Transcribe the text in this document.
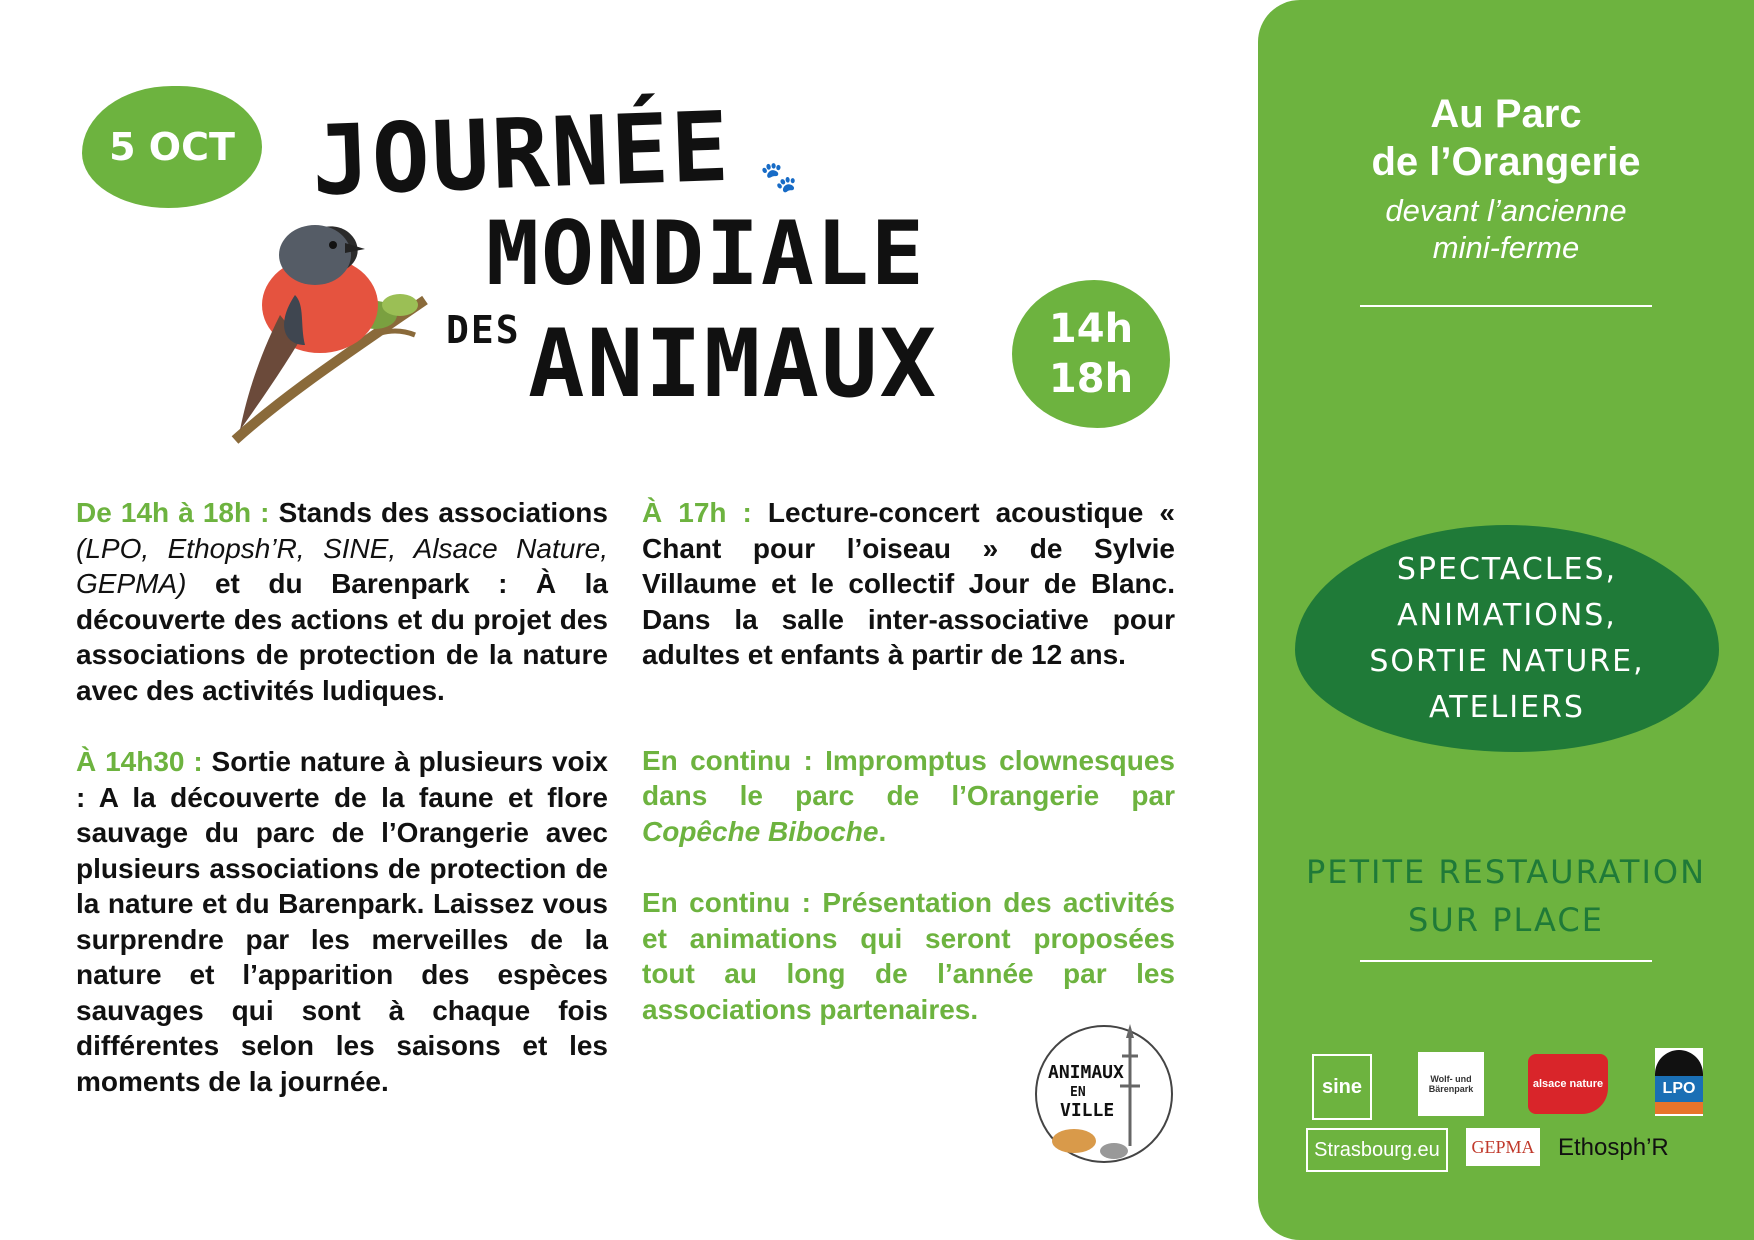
5 OCT JOURNÉE 🐾
MONDIALE
DES ANIMAUX	14h
18h

De 14h à 18h : Stands des associations (LPO, Ethopsh’R, SINE, Alsace Nature, GEPMA) et du Barenpark : À la découverte des actions et du projet des associations de protection de la nature avec des activités ludiques.

À 14h30 : Sortie nature à plusieurs voix : A la découverte de la faune et flore sauvage du parc de l’Orangerie avec plusieurs associations de protection de la nature et du Barenpark. Laissez vous surprendre par les merveilles de la nature et l’apparition des espèces sauvages qui sont à chaque fois différentes selon les saisons et les moments de la journée.

À 17h : Lecture-concert acoustique « Chant pour l’oiseau » de Sylvie Villaume et le collectif Jour de Blanc. Dans la salle inter-associative pour adultes et enfants à partir de 12 ans.

En continu : Impromptus clownesques dans le parc de l’Orangerie par Copêche Biboche.

En continu : Présentation des activités et animations qui seront proposées tout au long de l’année par les associations partenaires.

ANIMAUX
EN
VILLE
Au Parc
de l’Orangerie
devant l’ancienne
mini-ferme
SPECTACLES,
ANIMATIONS,
SORTIE NATURE,
ATELIERS
PETITE RESTAURATION
SUR PLACE
sine	Wolf- und Bärenpark	alsace nature	LPO
Strasbourg.eu GEPMA Ethosph’R
